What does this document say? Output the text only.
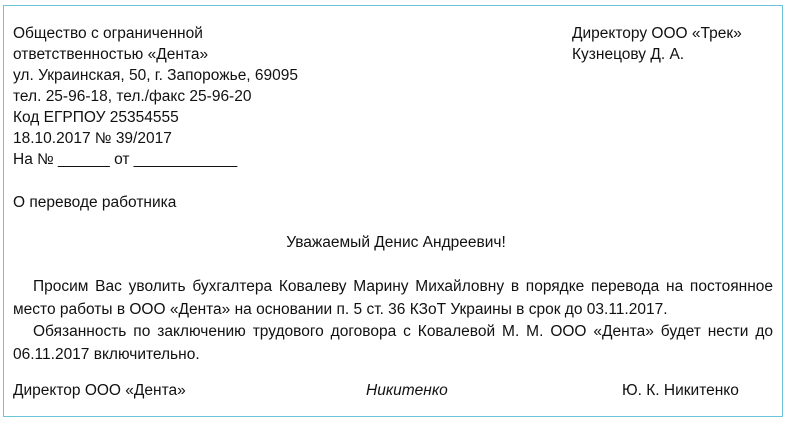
Общество с ограниченной
ответственностью «Дента»
ул. Украинская, 50, г. Запорожье, 69095
тел. 25-96-18, тел./факс 25-96-20
Код ЕГРПОУ 25354555
18.10.2017 № 39/2017
На № ______ от ____________
Директору ООО «Трек»
Кузнецову Д. А.
О переводе работника
Уважаемый Денис Андреевич!
Просим Вас уволить бухгалтера Ковалеву Марину Михайловну в порядке перевода на постоянное место работы в ООО «Дента» на основании п. 5 ст. 36 КЗоТ Украины в срок до 03.11.2017.
Обязанность по заключению трудового договора с Ковалевой М. М. ООО «Дента» будет нести до 06.11.2017 включительно.
Директор ООО «Дента»	Никитенко	Ю. К. Никитенко
